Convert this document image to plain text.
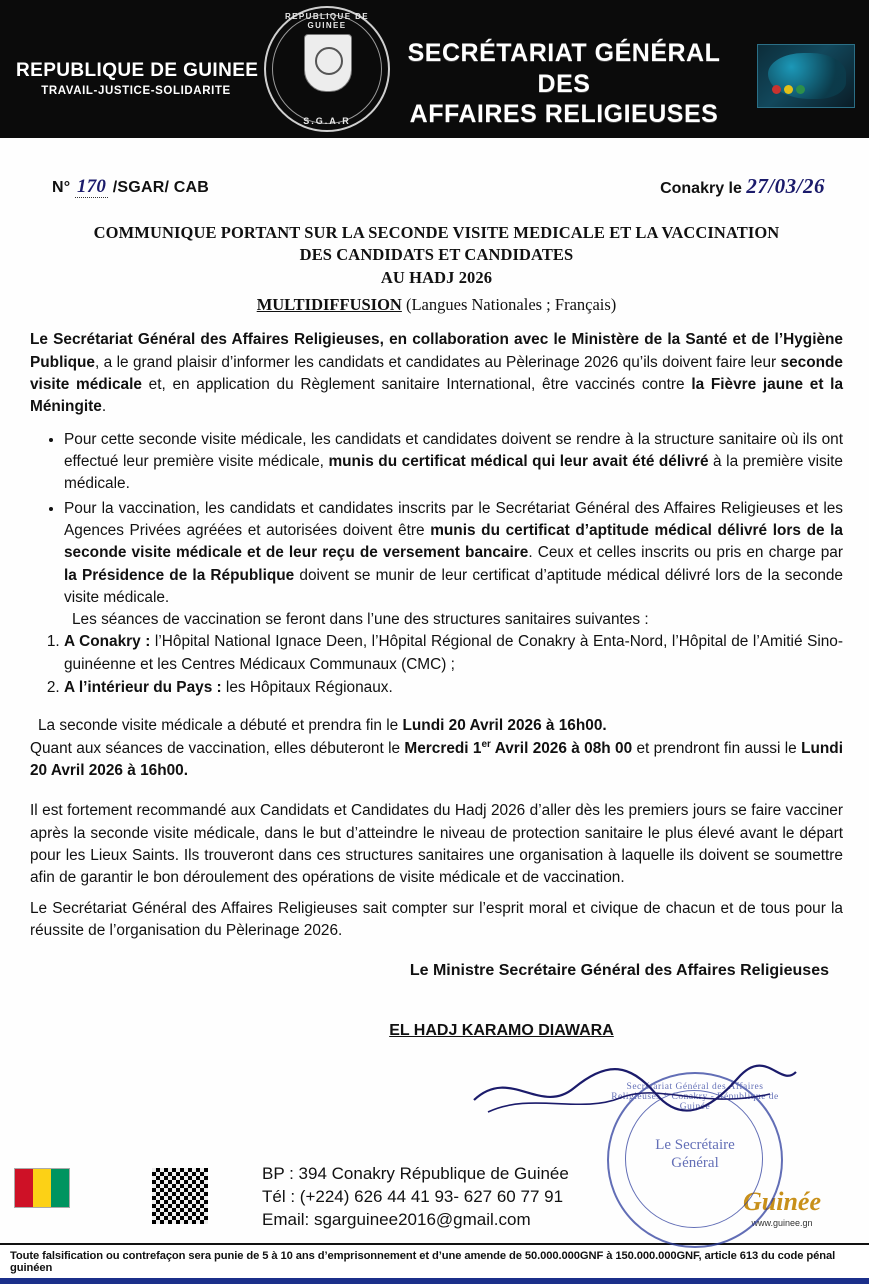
REPUBLIQUE DE GUINEE
TRAVAIL-JUSTICE-SOLIDARITE
REPUBLIQUE DE GUINEE
S.G.A.R
SECRÉTARIAT GÉNÉRAL DES
AFFAIRES RELIGIEUSES
N° 170 /SGAR/ CAB	Conakry le 27/03/26
COMMUNIQUE PORTANT SUR LA SECONDE VISITE MEDICALE ET LA VACCINATION
DES CANDIDATS ET CANDIDATES
AU HADJ 2026
MULTIDIFFUSION (Langues Nationales ; Français)
Le Secrétariat Général des Affaires Religieuses, en collaboration avec le Ministère de la Santé et de l’Hygiène Publique, a le grand plaisir d’informer les candidats et candidates au Pèlerinage 2026 qu’ils doivent faire leur seconde visite médicale et, en application du Règlement sanitaire International, être vaccinés contre la Fièvre jaune et la Méningite.
• Pour cette seconde visite médicale, les candidats et candidates doivent se rendre à la structure sanitaire où ils ont effectué leur première visite médicale, munis du certificat médical qui leur avait été délivré à la première visite médicale.
• Pour la vaccination, les candidats et candidates inscrits par le Secrétariat Général des Affaires Religieuses et les Agences Privées agréées et autorisées doivent être munis du certificat d’aptitude médical délivré lors de la seconde visite médicale et de leur reçu de versement bancaire. Ceux et celles inscrits ou pris en charge par la Présidence de la République doivent se munir de leur certificat d’aptitude médical délivré lors de la seconde visite médicale.
Les séances de vaccination se feront dans l’une des structures sanitaires suivantes :
1. A Conakry : l’Hôpital National Ignace Deen, l’Hôpital Régional de Conakry à Enta-Nord, l’Hôpital de l’Amitié Sino-guinéenne et les Centres Médicaux Communaux (CMC) ;
2. A l’intérieur du Pays : les Hôpitaux Régionaux.
La seconde visite médicale a débuté et prendra fin le Lundi 20 Avril 2026 à 16h00.
Quant aux séances de vaccination, elles débuteront le Mercredi 1er Avril 2026 à 08h 00 et prendront fin aussi le Lundi 20 Avril 2026 à 16h00.
Il est fortement recommandé aux Candidats et Candidates du Hadj 2026 d’aller dès les premiers jours se faire vacciner après la seconde visite médicale, dans le but d’atteindre le niveau de protection sanitaire le plus élevé avant le départ pour les Lieux Saints. Ils trouveront dans ces structures sanitaires une organisation à laquelle ils doivent se soumettre afin de garantir le bon déroulement des opérations de visite médicale et de vaccination.
Le Secrétariat Général des Affaires Religieuses sait compter sur l’esprit moral et civique de chacun et de tous pour la réussite de l’organisation du Pèlerinage 2026.
Le Ministre Secrétaire Général des Affaires Religieuses
EL HADJ KARAMO DIAWARA
Secrétariat Général des Affaires Religieuses * Conakry - République de Guinée
Le Secrétaire
Général
BP : 394 Conakry République de Guinée
Tél : (+224) 626 44 41 93- 627 60 77 91
Email: sgarguinee2016@gmail.com
Guinée
www.guinee.gn
Toute falsification ou contrefaçon sera punie de 5 à 10 ans d’emprisonnement et d’une amende de 50.000.000GNF à 150.000.000GNF, article 613 du code pénal guinéen
